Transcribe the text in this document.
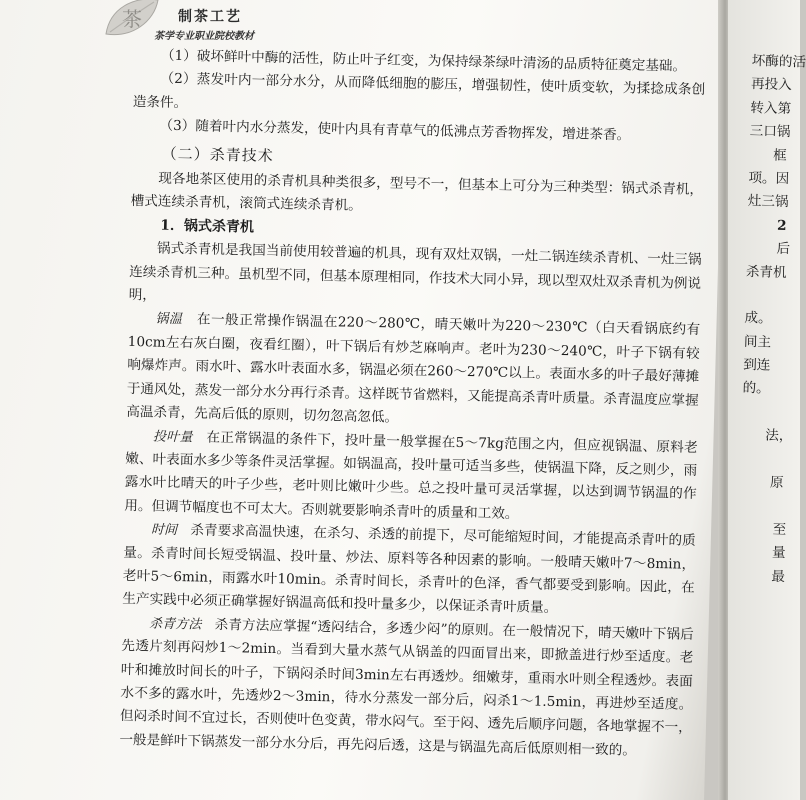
茶	制茶工艺
茶学专业职业院校教材

（1）破坏鲜叶中酶的活性，防止叶子红变，为保持绿茶绿叶清汤的品质特征奠定基础。

（2）蒸发叶内一部分水分，从而降低细胞的膨压，增强韧性，使叶质变软，为揉捻成条创造条件。

（3）随着叶内水分蒸发，使叶内具有青草气的低沸点芳香物挥发，增进茶香。

（二）杀青技术

现各地茶区使用的杀青机具种类很多，型号不一，但基本上可分为三种类型：锅式杀青机，槽式连续杀青机，滚筒式连续杀青机。

1．锅式杀青机

锅式杀青机是我国当前使用较普遍的机具，现有双灶双锅，一灶二锅连续杀青机、一灶三锅连续杀青机三种。虽机型不同，但基本原理相同，作技术大同小异，现以型双灶双杀青机为例说明，

锅温 在一般正常操作锅温在220～280℃，晴天嫩叶为220～230℃（白天看锅底约有10cm左右灰白圈，夜看红圈），叶下锅后有炒芝麻响声。老叶为230～240℃，叶子下锅有较响爆炸声。雨水叶、露水叶表面水多，锅温必须在260～270℃以上。表面水多的叶子最好薄摊于通风处，蒸发一部分水分再行杀青。这样既节省燃料，又能提高杀青叶质量。杀青温度应掌握高温杀青，先高后低的原则，切勿忽高忽低。

投叶量 在正常锅温的条件下，投叶量一般掌握在5～7kg范围之内，但应视锅温、原料老嫩、叶表面水多少等条件灵活掌握。如锅温高，投叶量可适当多些，使锅温下降，反之则少，雨露水叶比晴天的叶子少些，老叶则比嫩叶少些。总之投叶量可灵活掌握，以达到调节锅温的作用。但调节幅度也不可太大。否则就要影响杀青叶的质量和工效。

时间 杀青要求高温快速，在杀匀、杀透的前提下，尽可能缩短时间，才能提高杀青叶的质量。杀青时间长短受锅温、投叶量、炒法、原料等各种因素的影响。一般晴天嫩叶7～8min，老叶5～6min，雨露水叶10min。杀青时间长，杀青叶的色泽，香气都要受到影响。因此，在生产实践中必须正确掌握好锅温高低和投叶量多少，以保证杀青叶质量。

杀青方法 杀青方法应掌握“透闷结合，多透少闷”的原则。在一般情况下，晴天嫩叶下锅后先透片刻再闷炒1～2min。当看到大量水蒸气从锅盖的四面冒出来，即掀盖进行炒至适度。老叶和摊放时间长的叶子，下锅闷杀时间3min左右再透炒。细嫩芽，重雨水叶则全程透炒。表面水不多的露水叶，先透炒2～3min，待水分蒸发一部分后，闷杀1～1.5min，再进炒至适度。但闷杀时间不宜过长，否则使叶色变黄，带水闷气。至于闷、透先后顺序问题，各地掌握不一，一般是鲜叶下锅蒸发一部分水分后，再先闷后透，这是与锅温先高后低原则相一致的。

坏酶的活
再投入
转入第
三口锅
框
项。因
灶三锅
2
后
杀青机
成。
间主
到连
的。
法，
原
至
量
最
